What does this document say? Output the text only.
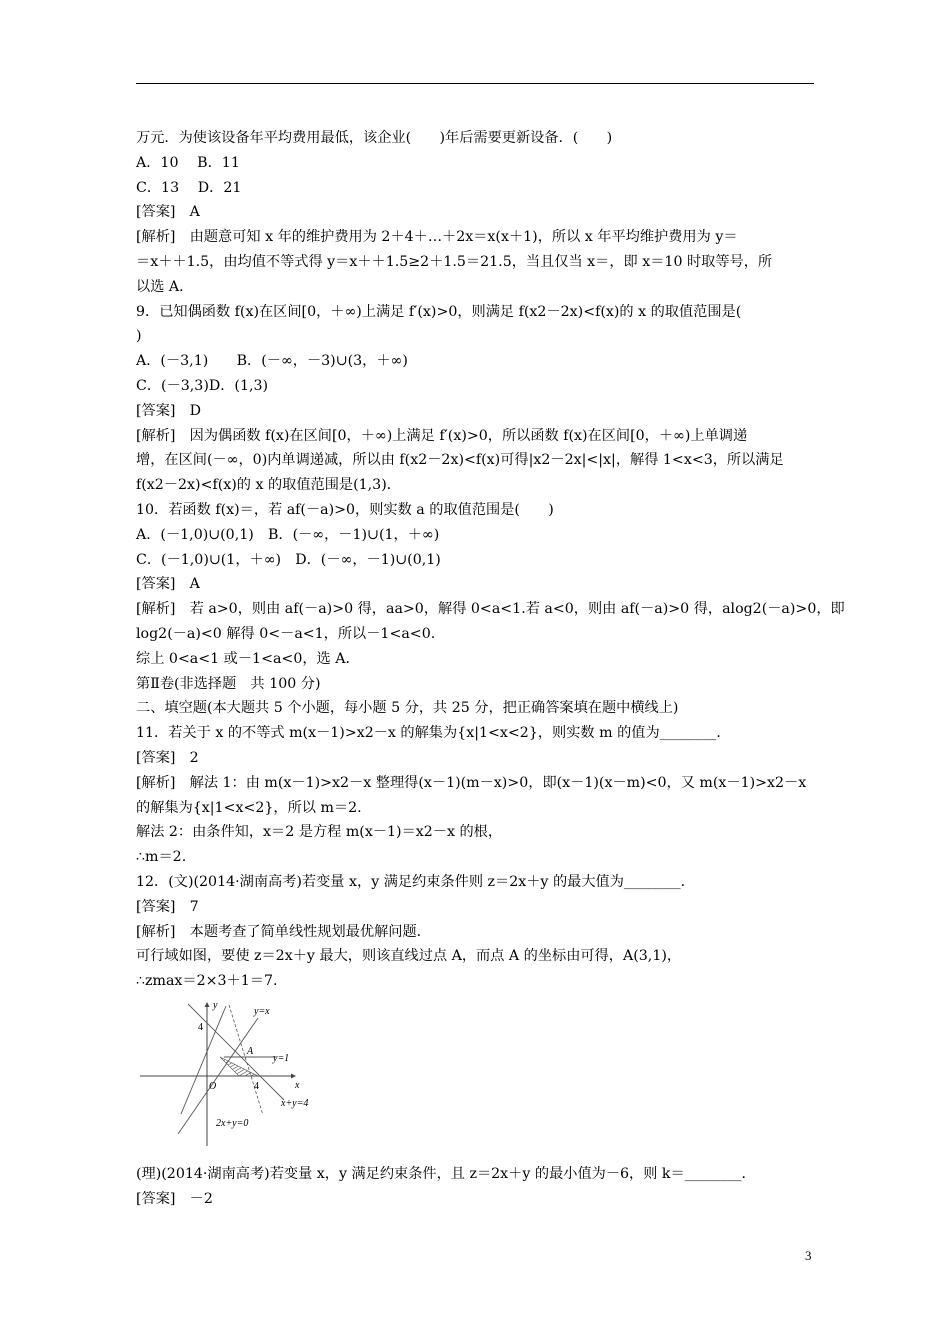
万元．为使该设备年平均费用最低，该企业(　　)年后需要更新设备．(　　)
A．10　 B．11
C．13　 D．21
[答案]　A
[解析]　由题意可知 x 年的维护费用为 2＋4＋…＋2x＝x(x＋1)，所以 x 年平均维护费用为 y＝
＝x＋＋1.5，由均值不等式得 y＝x＋＋1.5≥2＋1.5＝21.5，当且仅当 x＝，即 x＝10 时取等号，所
以选 A．
9．已知偶函数 f(x)在区间[0，＋∞)上满足 f′(x)>0，则满足 f(x2－2x)<f(x)的 x 的取值范围是(
)
A．(－3,1)　　B．(－∞，－3)∪(3，＋∞)
C．(－3,3)D．(1,3)
[答案]　D
[解析]　因为偶函数 f(x)在区间[0，＋∞)上满足 f′(x)>0，所以函数 f(x)在区间[0，＋∞)上单调递
增，在区间(－∞，0)内单调递减，所以由 f(x2－2x)<f(x)可得|x2－2x|<|x|，解得 1<x<3，所以满足
f(x2－2x)<f(x)的 x 的取值范围是(1,3)．
10．若函数 f(x)＝，若 af(－a)>0，则实数 a 的取值范围是(　　)
A．(－1,0)∪(0,1)　B．(－∞，－1)∪(1，＋∞)
C．(－1,0)∪(1，＋∞)　D．(－∞，－1)∪(0,1)
[答案]　A
[解析]　若 a>0，则由 af(－a)>0 得，aa>0，解得 0<a<1.若 a<0，则由 af(－a)>0 得，alog2(－a)>0，即
log2(－a)<0 解得 0<－a<1，所以－1<a<0.
综上 0<a<1 或－1<a<0，选 A．
第Ⅱ卷(非选择题　共 100 分)
二、填空题(本大题共 5 个小题，每小题 5 分，共 25 分，把正确答案填在题中横线上)
11．若关于 x 的不等式 m(x－1)>x2－x 的解集为{x|1<x<2}，则实数 m 的值为________．
[答案]　2
[解析]　解法 1：由 m(x－1)>x2－x 整理得(x－1)(m－x)>0，即(x－1)(x－m)<0，又 m(x－1)>x2－x
的解集为{x|1<x<2}，所以 m＝2.
解法 2：由条件知，x＝2 是方程 m(x－1)＝x2－x 的根，
∴m＝2.
12．(文)(2014·湖南高考)若变量 x，y 满足约束条件则 z＝2x＋y 的最大值为________．
[答案]　7
[解析]　本题考查了简单线性规划最优解问题．
可行域如图，要使 z＝2x＋y 最大，则该直线过点 A，而点 A 的坐标由可得，A(3,1)，
∴zmax＝2×3＋1＝7.
y
x
O
4
4
y=x
y=1
A
x+y=4
2x+y=0
(理)(2014·湖南高考)若变量 x，y 满足约束条件，且 z＝2x＋y 的最小值为－6，则 k＝________．
[答案]　－2
3
